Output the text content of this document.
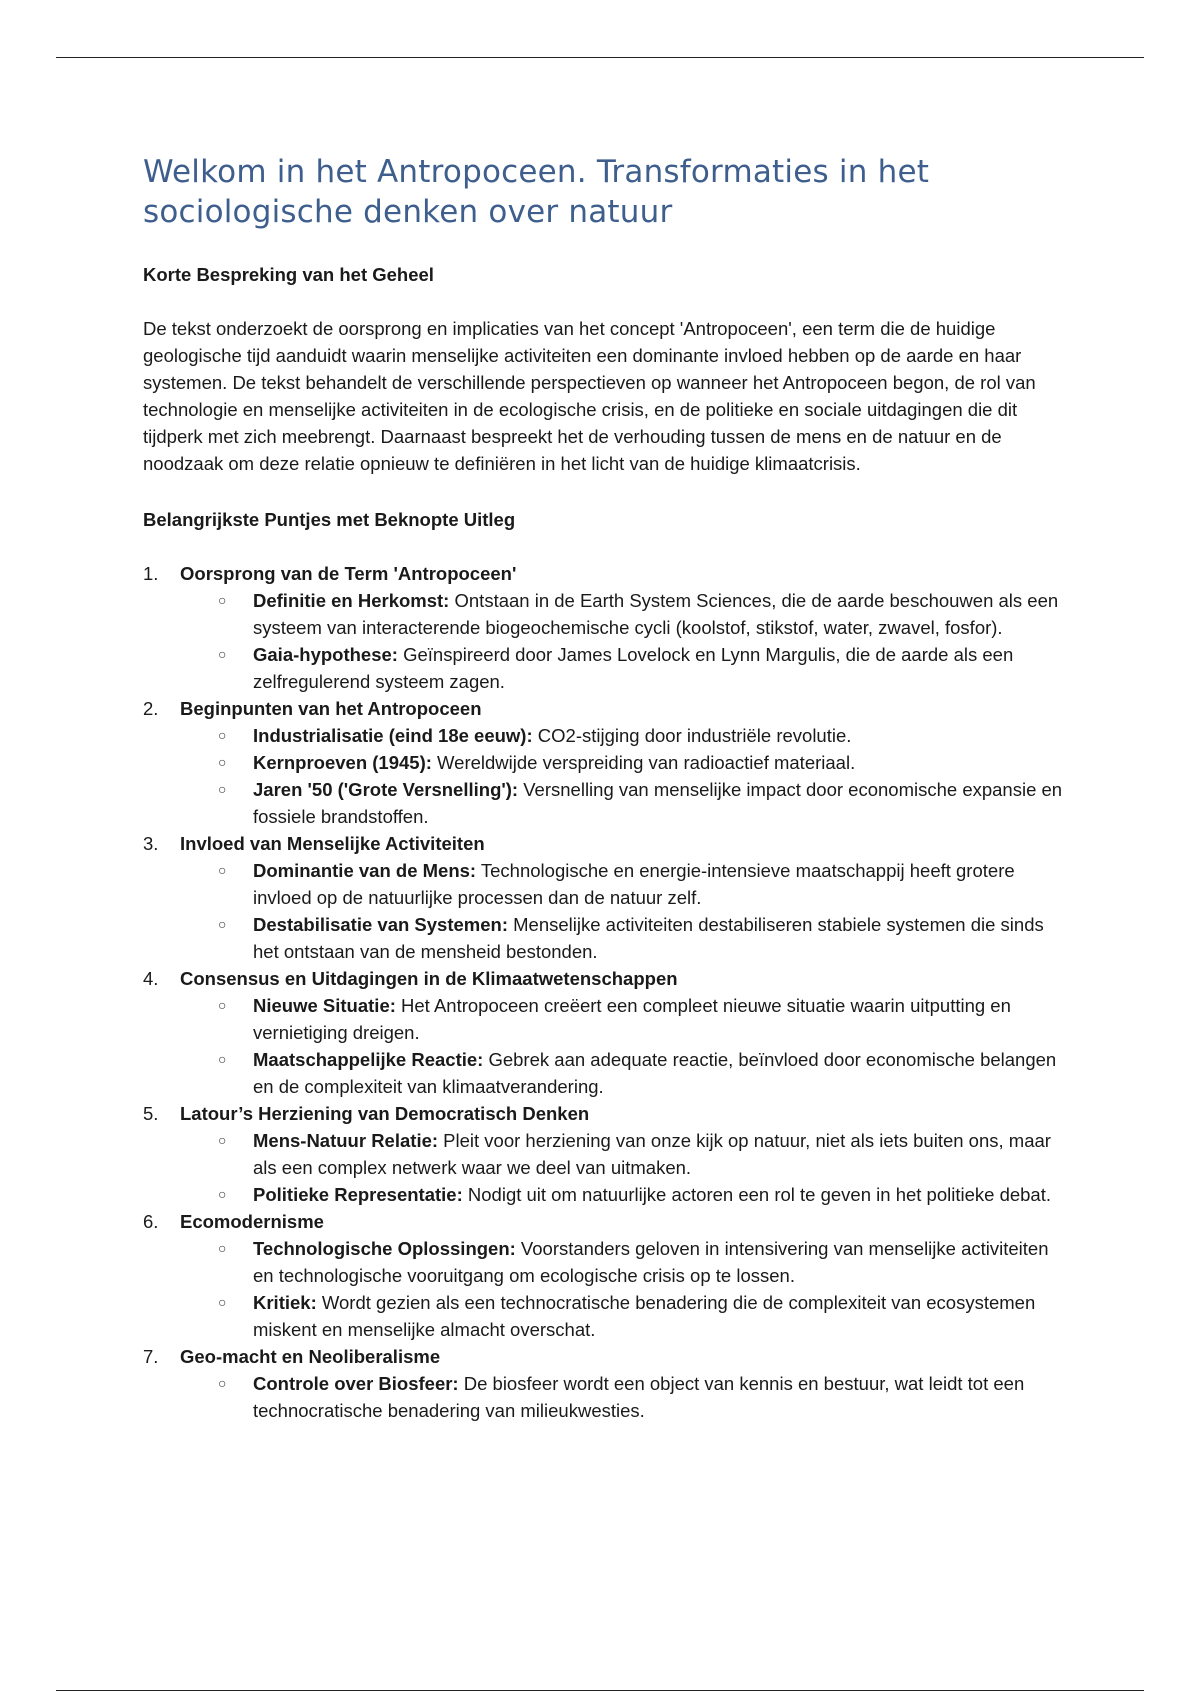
Welkom in het Antropoceen. Transformaties in het sociologische denken over natuur

Korte Bespreking van het Geheel

De tekst onderzoekt de oorsprong en implicaties van het concept 'Antropoceen', een term die de huidige geologische tijd aanduidt waarin menselijke activiteiten een dominante invloed hebben op de aarde en haar systemen. De tekst behandelt de verschillende perspectieven op wanneer het Antropoceen begon, de rol van technologie en menselijke activiteiten in de ecologische crisis, en de politieke en sociale uitdagingen die dit tijdperk met zich meebrengt. Daarnaast bespreekt het de verhouding tussen de mens en de natuur en de noodzaak om deze relatie opnieuw te definiëren in het licht van de huidige klimaatcrisis.

Belangrijkste Puntjes met Beknopte Uitleg

1. Oorsprong van de Term 'Antropoceen'
○ Definitie en Herkomst: Ontstaan in de Earth System Sciences, die de aarde beschouwen als een systeem van interacterende biogeochemische cycli (koolstof, stikstof, water, zwavel, fosfor).
○ Gaia-hypothese: Geïnspireerd door James Lovelock en Lynn Margulis, die de aarde als een zelfregulerend systeem zagen.
2. Beginpunten van het Antropoceen
○ Industrialisatie (eind 18e eeuw): CO2-stijging door industriële revolutie.
○ Kernproeven (1945): Wereldwijde verspreiding van radioactief materiaal.
○ Jaren '50 ('Grote Versnelling'): Versnelling van menselijke impact door economische expansie en fossiele brandstoffen.
3. Invloed van Menselijke Activiteiten
○ Dominantie van de Mens: Technologische en energie-intensieve maatschappij heeft grotere invloed op de natuurlijke processen dan de natuur zelf.
○ Destabilisatie van Systemen: Menselijke activiteiten destabiliseren stabiele systemen die sinds het ontstaan van de mensheid bestonden.
4. Consensus en Uitdagingen in de Klimaatwetenschappen
○ Nieuwe Situatie: Het Antropoceen creëert een compleet nieuwe situatie waarin uitputting en vernietiging dreigen.
○ Maatschappelijke Reactie: Gebrek aan adequate reactie, beïnvloed door economische belangen en de complexiteit van klimaatverandering.
5. Latour’s Herziening van Democratisch Denken
○ Mens-Natuur Relatie: Pleit voor herziening van onze kijk op natuur, niet als iets buiten ons, maar als een complex netwerk waar we deel van uitmaken.
○ Politieke Representatie: Nodigt uit om natuurlijke actoren een rol te geven in het politieke debat.
6. Ecomodernisme
○ Technologische Oplossingen: Voorstanders geloven in intensivering van menselijke activiteiten en technologische vooruitgang om ecologische crisis op te lossen.
○ Kritiek: Wordt gezien als een technocratische benadering die de complexiteit van ecosystemen miskent en menselijke almacht overschat.
7. Geo-macht en Neoliberalisme
○ Controle over Biosfeer: De biosfeer wordt een object van kennis en bestuur, wat leidt tot een technocratische benadering van milieukwesties.
